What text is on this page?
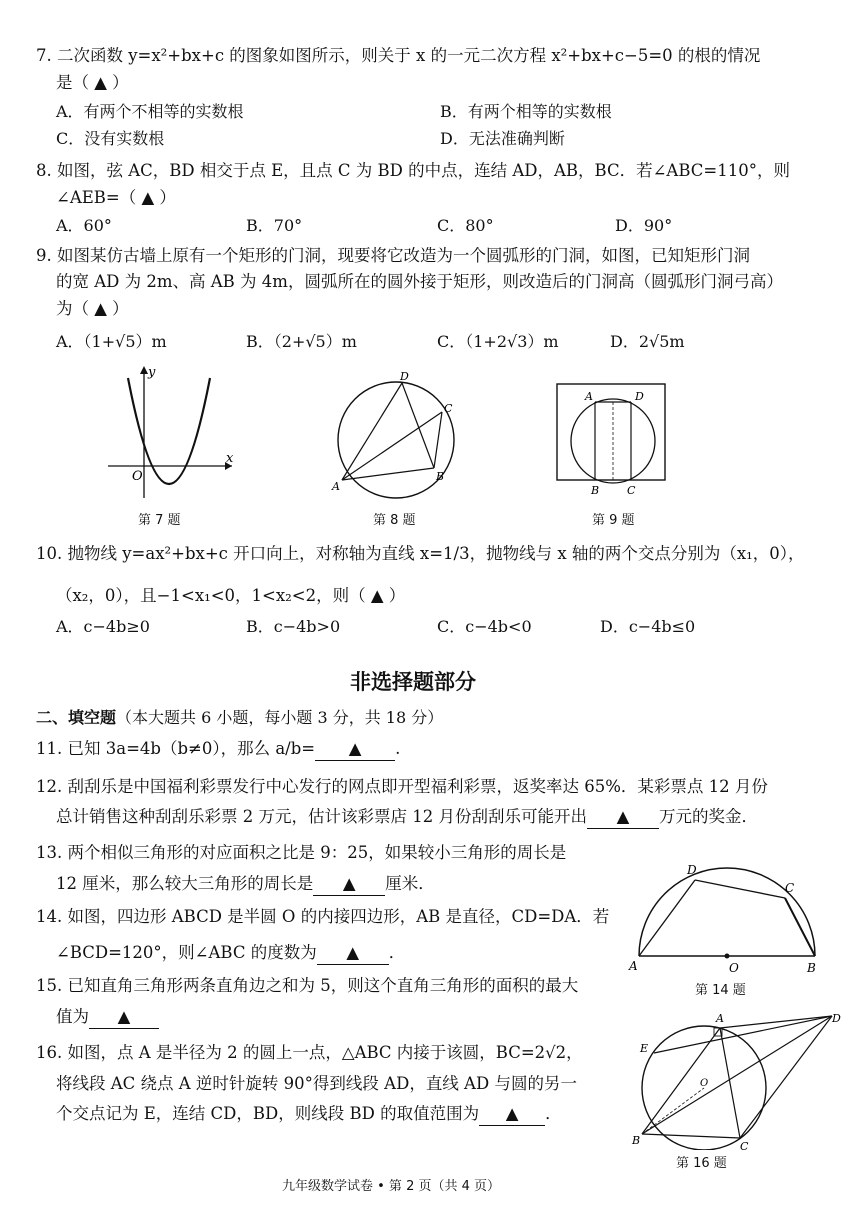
7. 二次函数 y=x²+bx+c 的图象如图所示，则关于 x 的一元二次方程 x²+bx+c−5=0 的根的情况
是（ ▲ ）
A．有两个不相等的实数根	B．有两个相等的实数根
C．没有实数根	D．无法准确判断
8. 如图，弦 AC，BD 相交于点 E，且点 C 为 BD 的中点，连结 AD，AB，BC．若∠ABC=110°，则
∠AEB=（ ▲ ）
A．60°	B．70°	C．80°	D．90°
9. 如图某仿古墙上原有一个矩形的门洞，现要将它改造为一个圆弧形的门洞，如图，已知矩形门洞
的宽 AD 为 2m、高 AB 为 4m，圆弧所在的圆外接于矩形，则改造后的门洞高（圆弧形门洞弓高）
为（ ▲ ）
A．（1+√5）m	B．（2+√5）m	C．（1+2√3）m	D．2√5m
y
x
O
第 7 题
D
C
A
B
第 8 题
A	D
B	C
第 9 题
10. 抛物线 y=ax²+bx+c 开口向上，对称轴为直线 x=1/3，抛物线与 x 轴的两个交点分别为（x₁，0），
（x₂，0），且−1<x₁<0，1<x₂<2，则（ ▲ ）
A．c−4b≥0	B．c−4b>0	C．c−4b<0	D．c−4b≤0
非选择题部分
二、填空题（本大题共 6 小题，每小题 3 分，共 18 分）
11. 已知 3a=4b（b≠0），那么 a/b= ▲ .
12. 刮刮乐是中国福利彩票发行中心发行的网点即开型福利彩票，返奖率达 65%．某彩票点 12 月份
总计销售这种刮刮乐彩票 2 万元，估计该彩票店 12 月份刮刮乐可能开出 ▲ 万元的奖金．
13. 两个相似三角形的对应面积之比是 9：25，如果较小三角形的周长是
12 厘米，那么较大三角形的周长是 ▲ 厘米．
14. 如图，四边形 ABCD 是半圆 O 的内接四边形，AB 是直径，CD=DA．若
∠BCD=120°，则∠ABC 的度数为 ▲ ．
D
C
A	O	B
第 14 题
15. 已知直角三角形两条直角边之和为 5，则这个直角三角形的面积的最大
值为 ▲
16. 如图，点 A 是半径为 2 的圆上一点，△ABC 内接于该圆，BC=2√2，
将线段 AC 绕点 A 逆时针旋转 90°得到线段 AD，直线 AD 与圆的另一
个交点记为 E，连结 CD，BD，则线段 BD 的取值范围为 ▲ ．
A	D
E
B	C
O
第 16 题
九年级数学试卷 • 第 2 页（共 4 页）
